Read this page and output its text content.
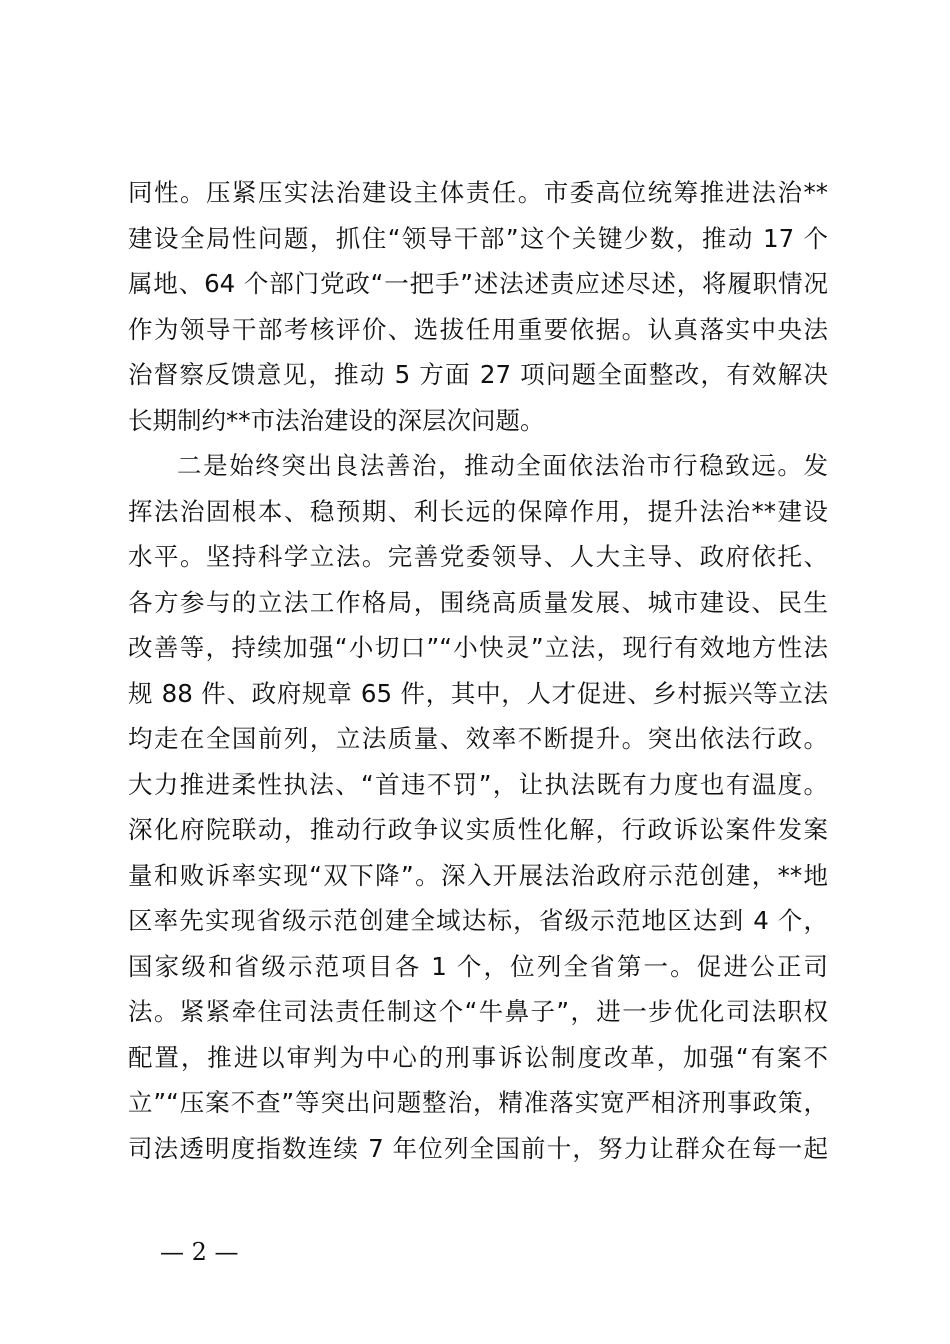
同性。压紧压实法治建设主体责任。市委高位统筹推进法治**
建设全局性问题，抓住“领导干部”这个关键少数，推动 17 个
属地、64 个部门党政“一把手”述法述责应述尽述，将履职情况
作为领导干部考核评价、选拔任用重要依据。认真落实中央法
治督察反馈意见，推动 5 方面 27 项问题全面整改，有效解决
长期制约**市法治建设的深层次问题。
二是始终突出良法善治，推动全面依法治市行稳致远。发
挥法治固根本、稳预期、利长远的保障作用，提升法治**建设
水平。坚持科学立法。完善党委领导、人大主导、政府依托、
各方参与的立法工作格局，围绕高质量发展、城市建设、民生
改善等，持续加强“小切口”“小快灵”立法，现行有效地方性法
规 88 件、政府规章 65 件，其中，人才促进、乡村振兴等立法
均走在全国前列，立法质量、效率不断提升。突出依法行政。
大力推进柔性执法、“首违不罚”，让执法既有力度也有温度。
深化府院联动，推动行政争议实质性化解，行政诉讼案件发案
量和败诉率实现“双下降”。深入开展法治政府示范创建，**地
区率先实现省级示范创建全域达标，省级示范地区达到 4 个，
国家级和省级示范项目各 1 个，位列全省第一。促进公正司
法。紧紧牵住司法责任制这个“牛鼻子”，进一步优化司法职权
配置，推进以审判为中心的刑事诉讼制度改革，加强“有案不
立”“压案不查”等突出问题整治，精准落实宽严相济刑事政策，
司法透明度指数连续 7 年位列全国前十，努力让群众在每一起
— 2 —
